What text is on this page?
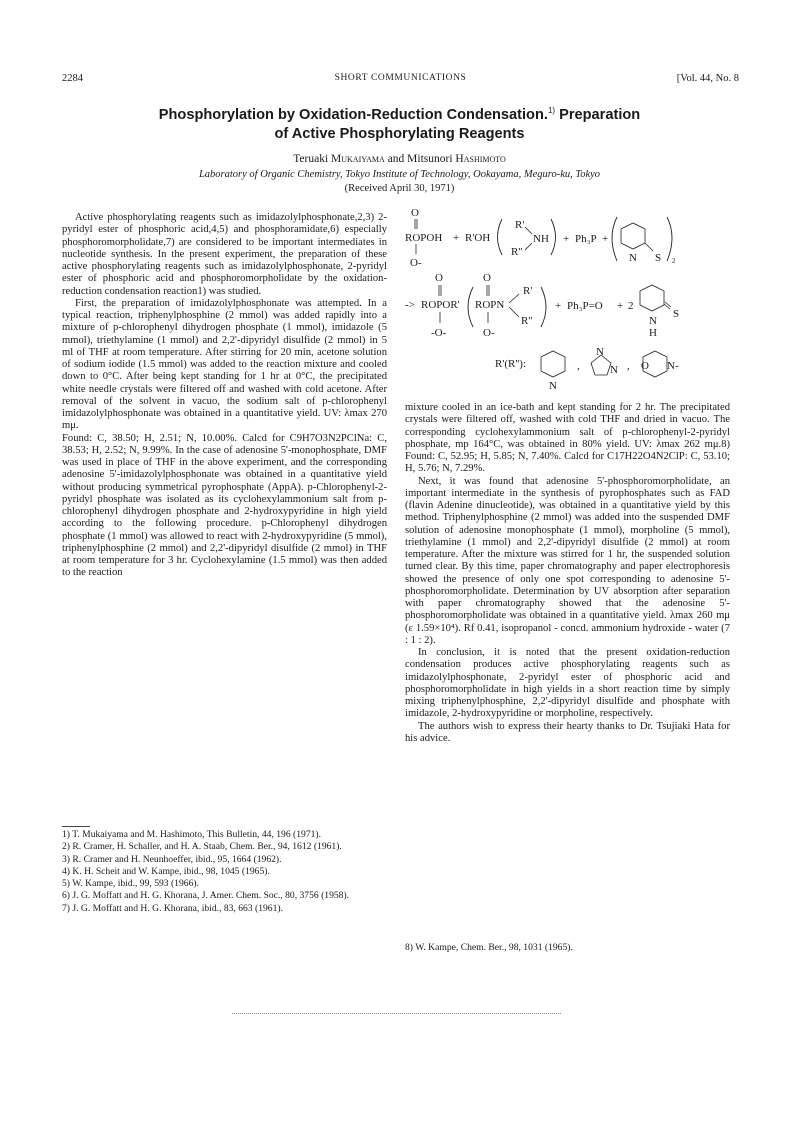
2284	SHORT COMMUNICATIONS	[Vol. 44, No. 8
Phosphorylation by Oxidation-Reduction Condensation.$^{1)}$ Preparation
of Active Phosphorylating Reagents
Teruaki Mukaiyama and Mitsunori Hashimoto
Laboratory of Organic Chemistry, Tokyo Institute of Technology, Ookayama, Meguro-ku, Tokyo
(Received April 30, 1971)

Active phosphorylating reagents such as imidazolylphosphonate,2,3) 2-pyridyl ester of phosphoric acid,4,5) and phosphoramidate,6) especially phosphoromorpholidate,7) are considered to be important intermediates in nucleotide synthesis. In the present experiment, the preparation of these active phosphorylating reagents such as imidazolylphosphonate, 2-pyridyl ester of phosphoric acid and phosphoromorpholidate by the oxidation-reduction condensation reaction1) was studied.

First, the preparation of imidazolylphosphonate was attempted. In a typical reaction, triphenylphosphine (2 mmol) was added rapidly into a mixture of p-chlorophenyl dihydrogen phosphate (1 mmol), imidazole (5 mmol), triethylamine (1 mmol) and 2,2'-dipyridyl disulfide (2 mmol) in 5 ml of THF at room temperature. After stirring for 20 min, acetone solution of sodium iodide (1.5 mmol) was added to the reaction mixture and cooled down to 0°C. After being kept standing for 1 hr at 0°C, the precipitated white needle crystals were filtered off and washed with cold acetone. After removal of the solvent in vacuo, the sodium salt of p-chlorophenyl imidazolylphosphonate was obtained in a quantitative yield. UV: λmax 270 mμ.

Found: C, 38.50; H, 2.51; N, 10.00%. Calcd for C9H7O3N2PClNa: C, 38.53; H, 2.52; N, 9.99%. In the case of adenosine 5'-monophosphate, DMF was used in place of THF in the above experiment, and the corresponding adenosine 5'-imidazolylphosphonate was obtained in a quantitative yield without producing symmetrical pyrophosphate (AppA). p-Chlorophenyl-2-pyridyl phosphate was isolated as its cyclohexylammonium salt from p-chlorophenyl dihydrogen phosphate and 2-hydroxypyridine in high yield according to the following procedure. p-Chlorophenyl dihydrogen phosphate (1 mmol) was allowed to react with 2-hydroxypyridine (5 mmol), triphenylphosphine (2 mmol) and 2,2'-dipyridyl disulfide (2 mmol) in THF at room temperature for 3 hr. Cyclohexylamine (1.5 mmol) was then added to the reaction

O
ROPOH
O-
+ R'OH
R'
R''
NH + Ph₃P +
N S 2
O	O
-> ROPOR' ROPN
R'
R''
-O-	O-
+ Ph₃P=O + 2
N
H
S
R'(R''):
N
,
N
N , O N-

mixture cooled in an ice-bath and kept standing for 2 hr. The precipitated crystals were filtered off, washed with cold THF and dried in vacuo. The corresponding cyclohexylammonium salt of p-chlorophenyl-2-pyridyl phosphate, mp 164°C, was obtained in 80% yield. UV: λmax 262 mμ.8) Found: C, 52.95; H, 5.85; N, 7.40%. Calcd for C17H22O4N2ClP: C, 53.10; H, 5.76; N, 7.29%.

Next, it was found that adenosine 5'-phosphoromorpholidate, an important intermediate in the synthesis of pyrophosphates such as FAD (flavin Adenine dinucleotide), was obtained in a quantitative yield by this method. Triphenylphosphine (2 mmol) was added into the suspended DMF solution of adenosine monophosphate (1 mmol), morpholine (5 mmol), triethylamine (1 mmol) and 2,2'-dipyridyl disulfide (2 mmol) at room temperature. After the mixture was stirred for 1 hr, the suspended solution turned clear. By this time, paper chromatography and paper electrophoresis showed the presence of only one spot corresponding to adenosine 5'-phosphoromorpholidate. Determination by UV absorption after separation with paper chromatography showed that the adenosine 5'-phosphoromorpholidate was obtained in a quantitative yield. λmax 260 mμ (ε 1.59×10⁴). Rf 0.41, isopropanol - concd. ammonium hydroxide - water (7 : 1 : 2).

In conclusion, it is noted that the present oxidation-reduction condensation produces active phosphorylating reagents such as imidazolylphosphonate, 2-pyridyl ester of phosphoric acid and phosphoromorpholidate in high yields in a short reaction time by simply mixing triphenylphosphine, 2,2'-dipyridyl disulfide and phosphate with imidazole, 2-hydroxypyridine or morpholine, respectively.

The authors wish to express their hearty thanks to Dr. Tsujiaki Hata for his advice.

1) T. Mukaiyama and M. Hashimoto, This Bulletin, 44, 196 (1971).
2) R. Cramer, H. Schaller, and H. A. Staab, Chem. Ber., 94, 1612 (1961).
3) R. Cramer and H. Neunhoeffer, ibid., 95, 1664 (1962).
4) K. H. Scheit and W. Kampe, ibid., 98, 1045 (1965).
5) W. Kampe, ibid., 99, 593 (1966).
6) J. G. Moffatt and H. G. Khorana, J. Amer. Chem. Soc., 80, 3756 (1958).
7) J. G. Moffatt and H. G. Khorana, ibid., 83, 663 (1961).
8) W. Kampe, Chem. Ber., 98, 1031 (1965).
